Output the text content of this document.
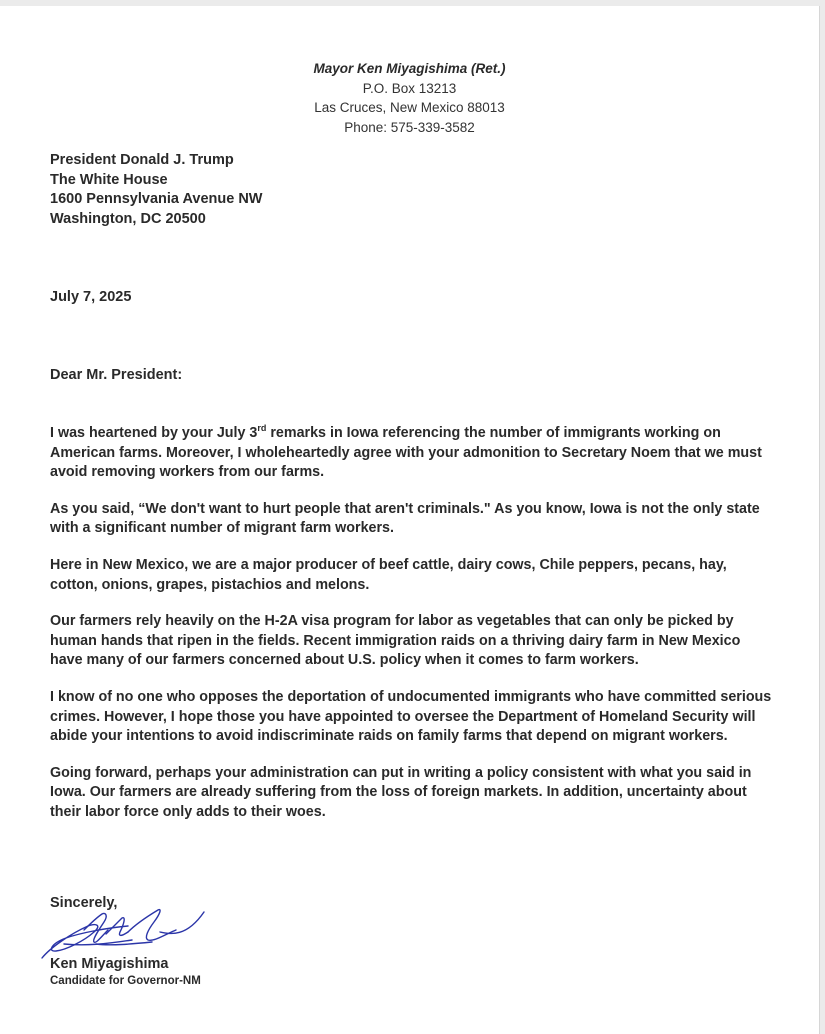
Mayor Ken Miyagishima (Ret.)
P.O. Box 13213
Las Cruces, New Mexico 88013
Phone: 575-339-3582
President Donald J. Trump
The White House
1600 Pennsylvania Avenue NW
Washington, DC 20500
July 7, 2025
Dear Mr. President:

I was heartened by your July 3rd remarks in Iowa referencing the number of immigrants working on American farms. Moreover, I wholeheartedly agree with your admonition to Secretary Noem that we must avoid removing workers from our farms.

As you said, “We don't want to hurt people that aren't criminals." As you know, Iowa is not the only state with a significant number of migrant farm workers.

Here in New Mexico, we are a major producer of beef cattle, dairy cows, Chile peppers, pecans, hay, cotton, onions, grapes, pistachios and melons.

Our farmers rely heavily on the H-2A visa program for labor as vegetables that can only be picked by human hands that ripen in the fields. Recent immigration raids on a thriving dairy farm in New Mexico have many of our farmers concerned about U.S. policy when it comes to farm workers.

I know of no one who opposes the deportation of undocumented immigrants who have committed serious crimes. However, I hope those you have appointed to oversee the Department of Homeland Security will abide your intentions to avoid indiscriminate raids on family farms that depend on migrant workers.

Going forward, perhaps your administration can put in writing a policy consistent with what you said in Iowa. Our farmers are already suffering from the loss of foreign markets. In addition, uncertainty about their labor force only adds to their woes.

Sincerely,
Ken Miyagishima
Candidate for Governor-NM
